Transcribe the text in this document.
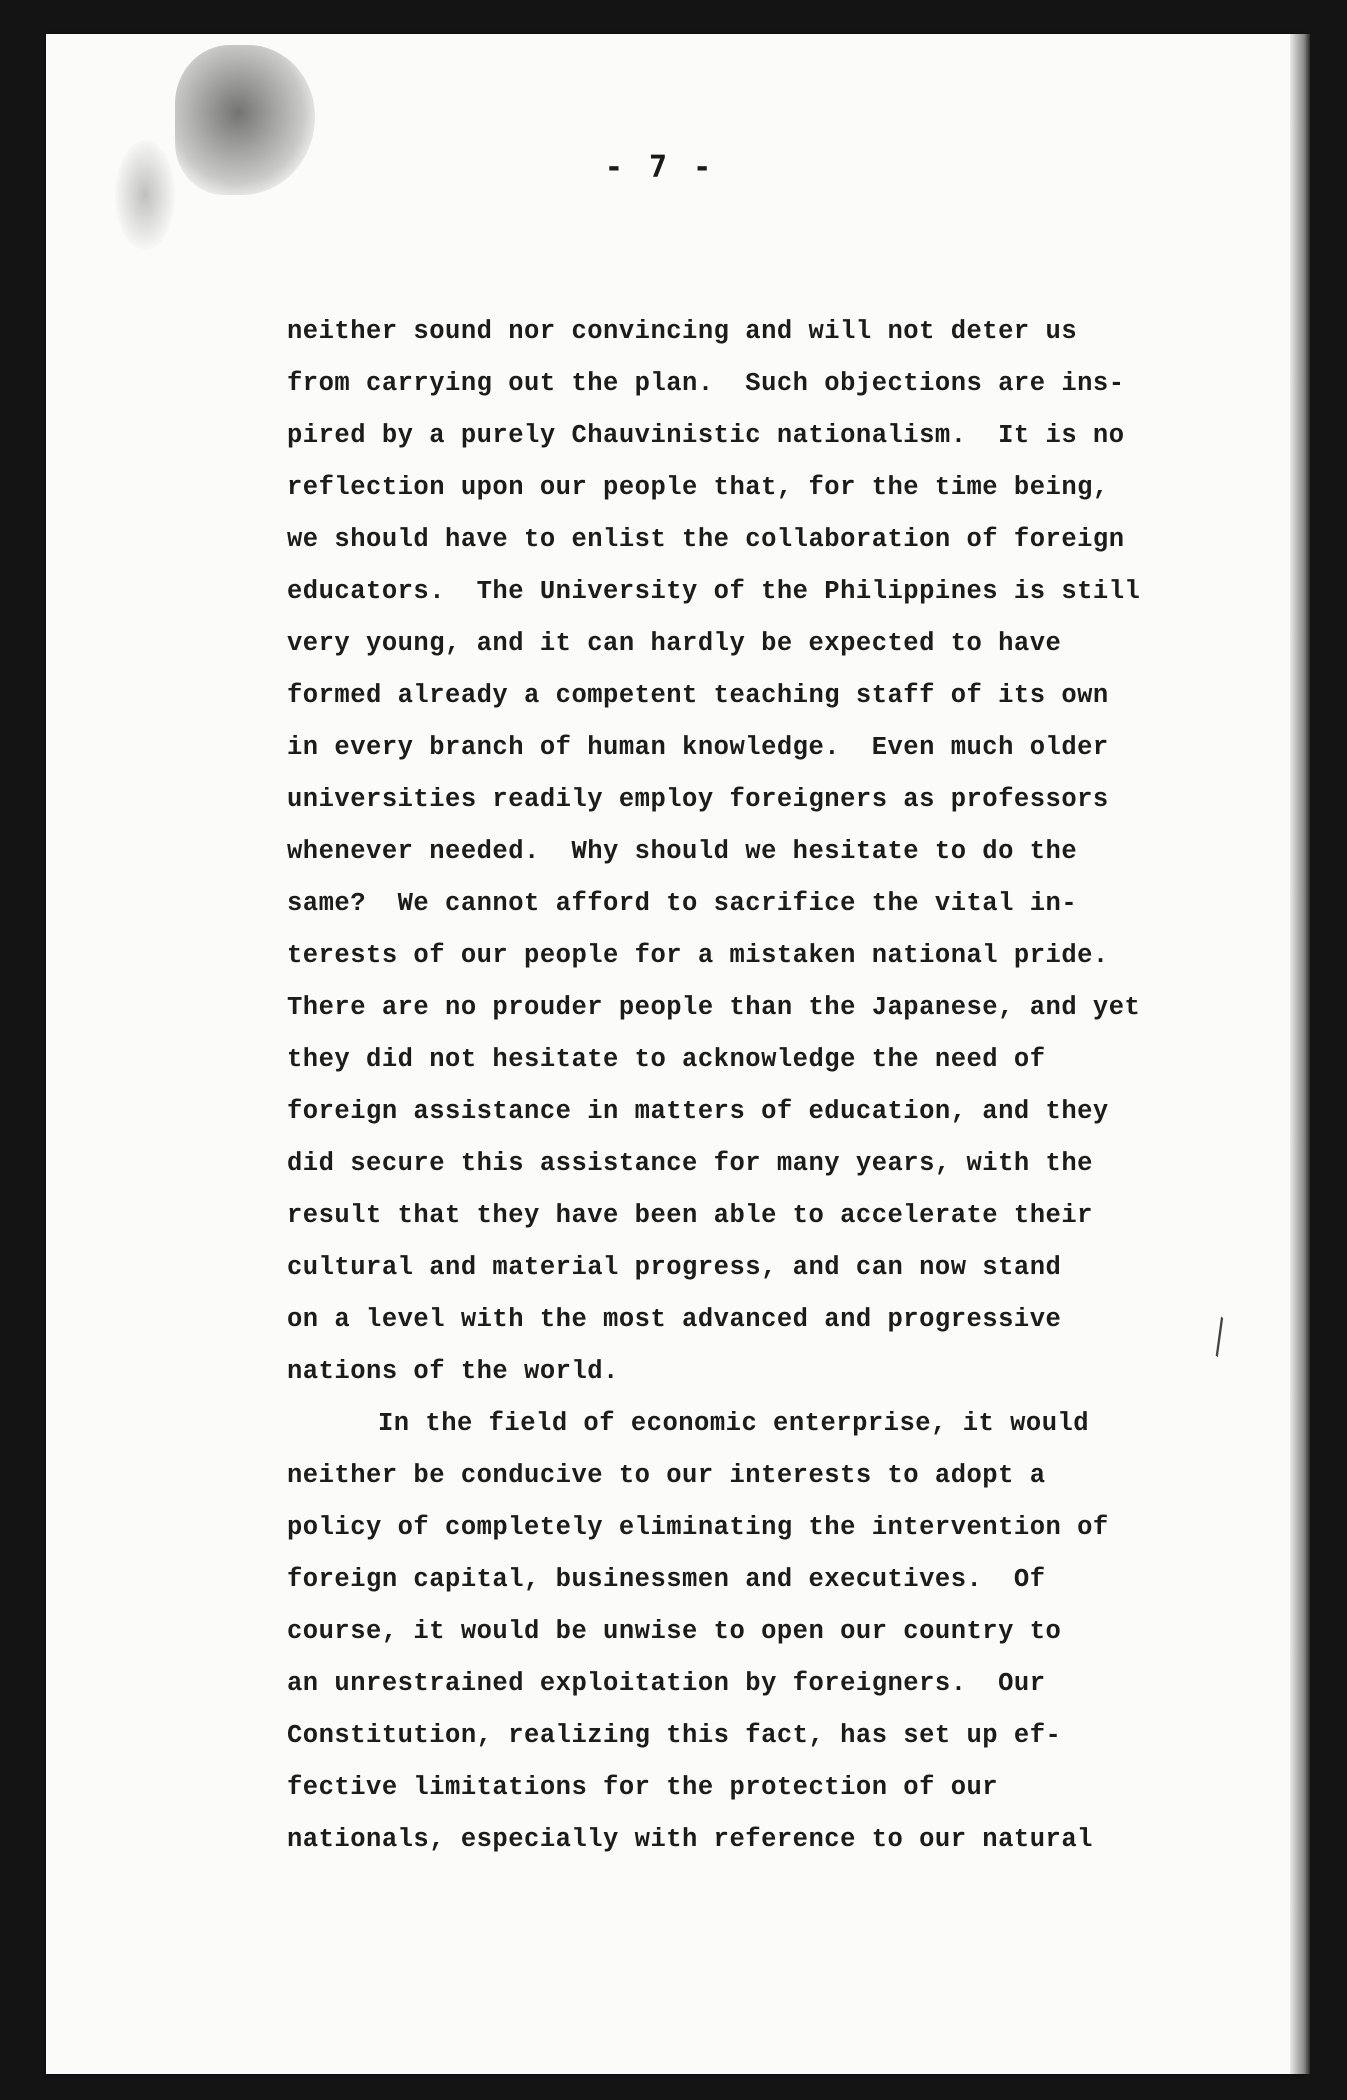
- 7 -
neither sound nor convincing and will not deter us
from carrying out the plan.  Such objections are ins-
pired by a purely Chauvinistic nationalism.  It is no
reflection upon our people that, for the time being,
we should have to enlist the collaboration of foreign
educators.  The University of the Philippines is still
very young, and it can hardly be expected to have
formed already a competent teaching staff of its own
in every branch of human knowledge.  Even much older
universities readily employ foreigners as professors
whenever needed.  Why should we hesitate to do the
same?  We cannot afford to sacrifice the vital in-
terests of our people for a mistaken national pride.
There are no prouder people than the Japanese, and yet
they did not hesitate to acknowledge the need of
foreign assistance in matters of education, and they
did secure this assistance for many years, with the
result that they have been able to accelerate their
cultural and material progress, and can now stand
on a level with the most advanced and progressive
nations of the world.
In the field of economic enterprise, it would
neither be conducive to our interests to adopt a
policy of completely eliminating the intervention of
foreign capital, businessmen and executives.  Of
course, it would be unwise to open our country to
an unrestrained exploitation by foreigners.  Our
Constitution, realizing this fact, has set up ef-
fective limitations for the protection of our
nationals, especially with reference to our natural
╲
